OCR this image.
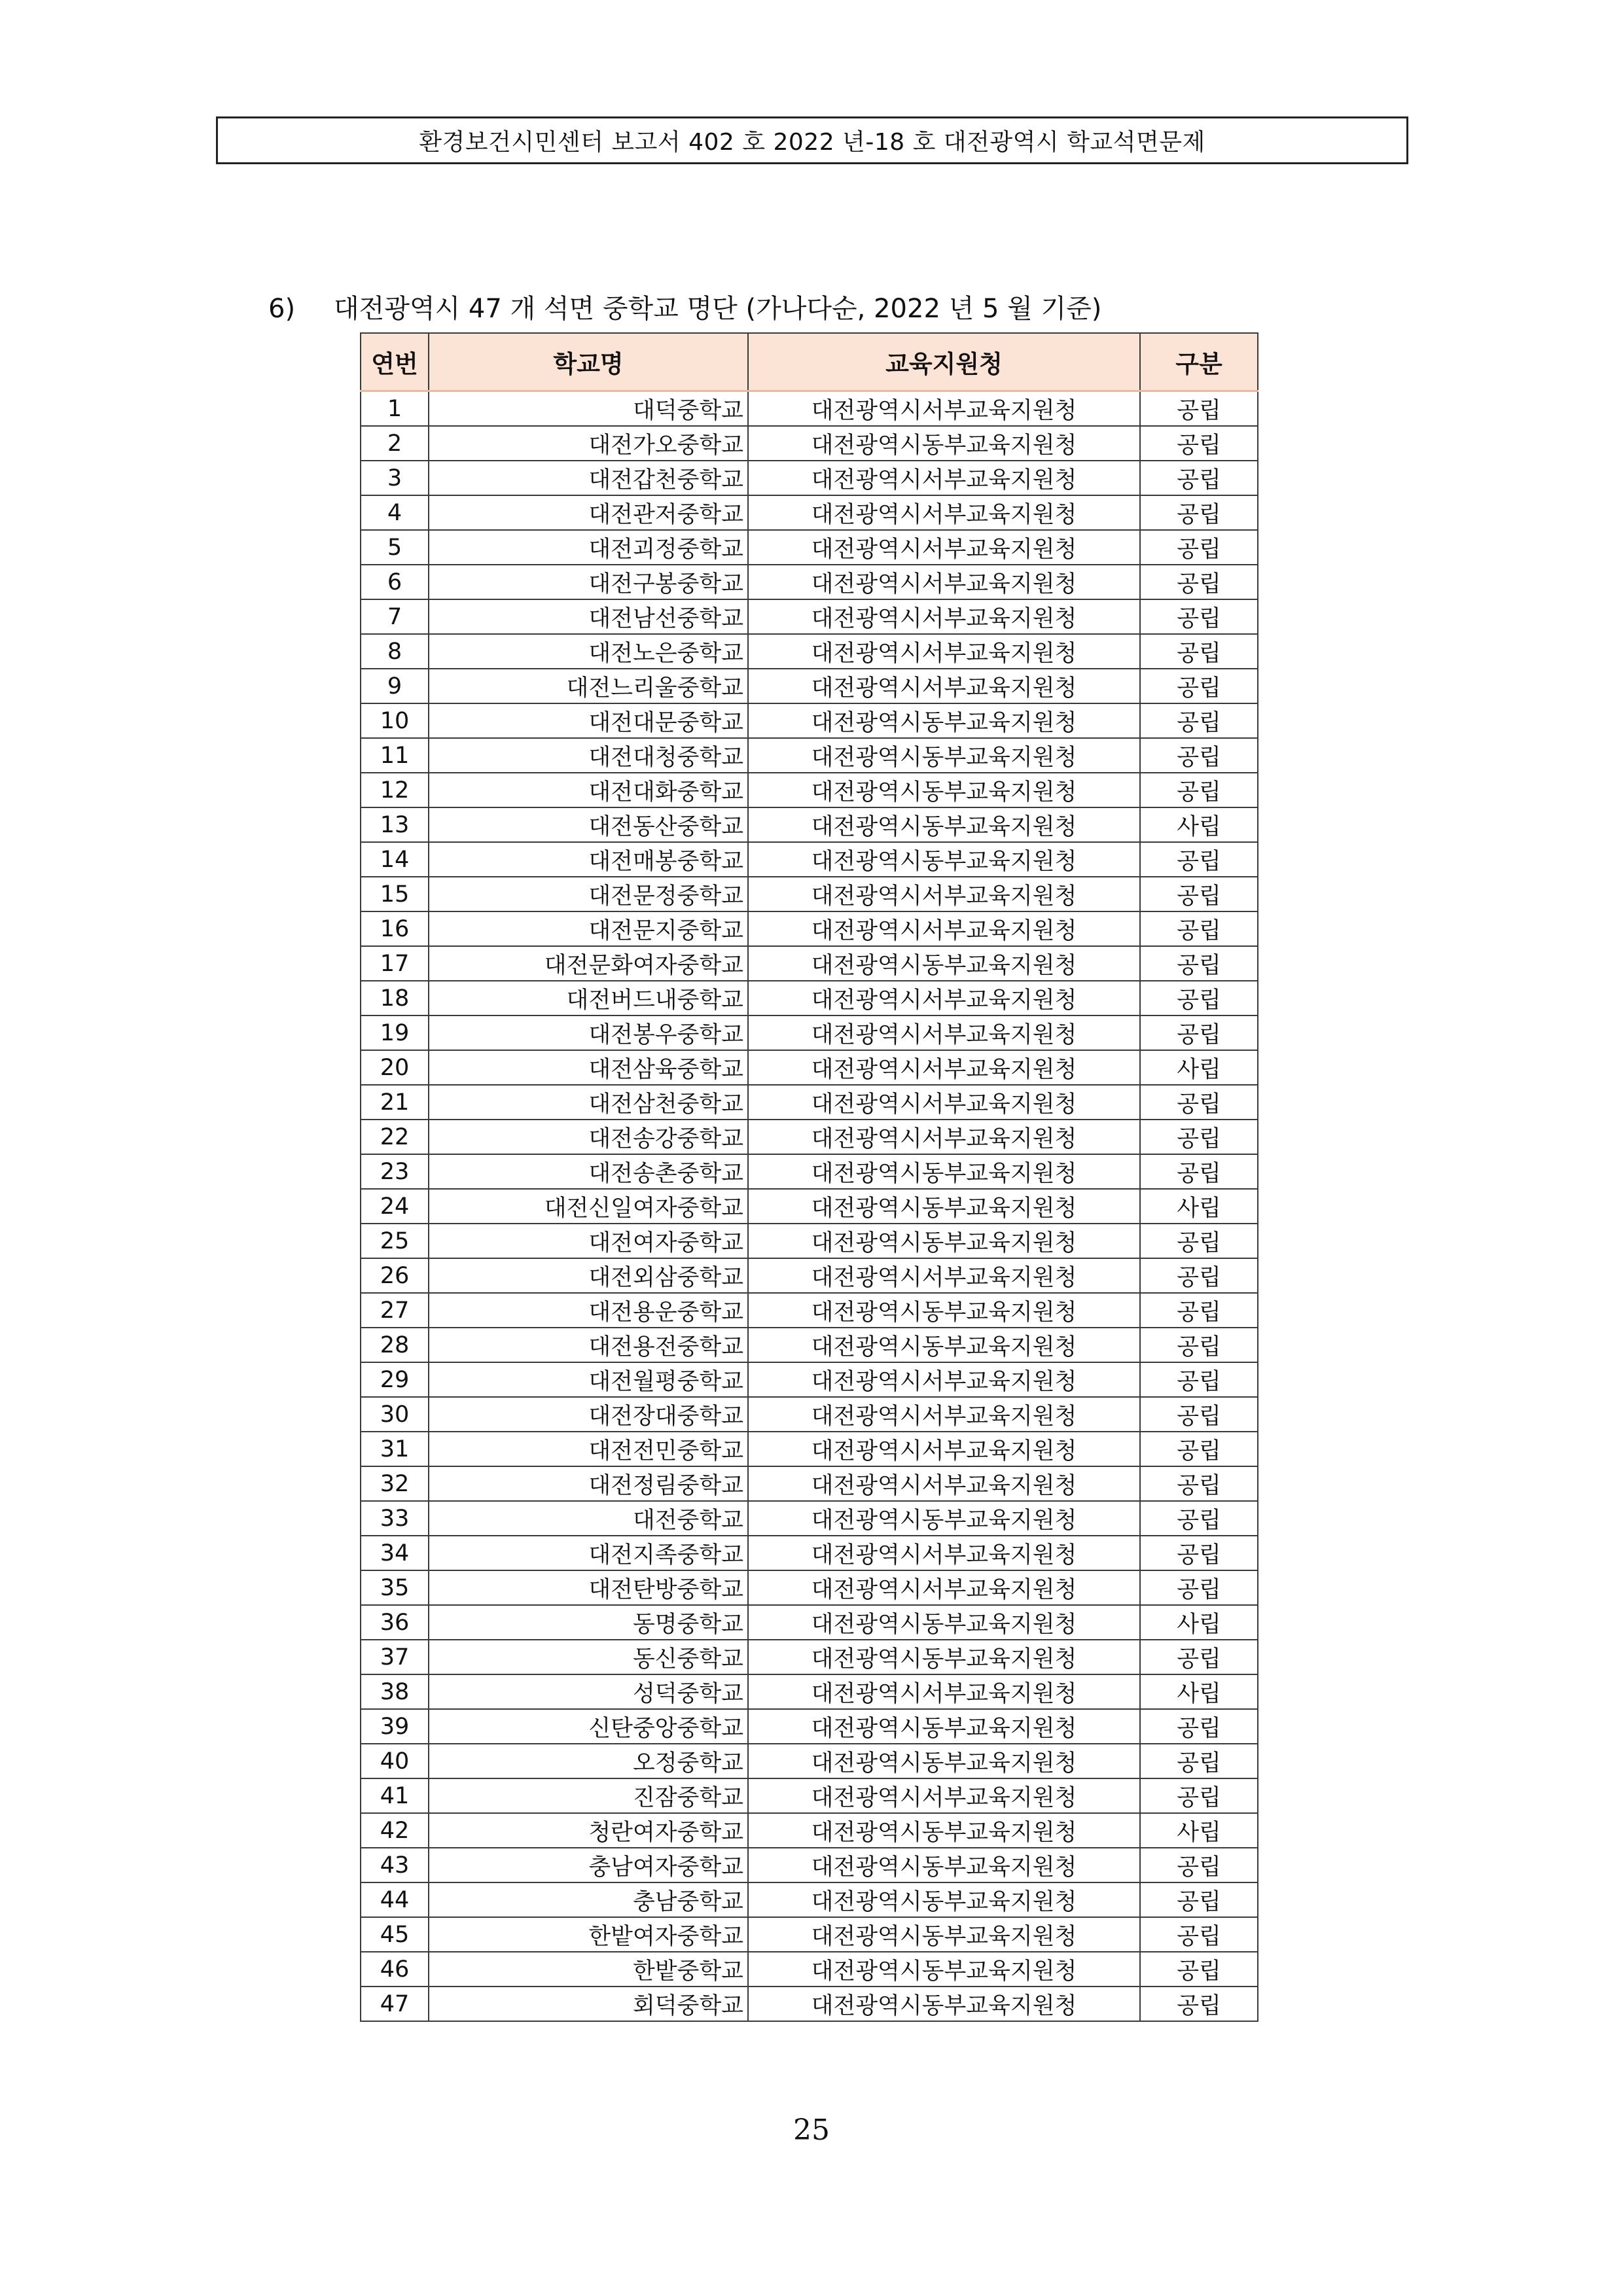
환경보건시민센터 보고서 402 호 2022 년-18 호 대전광역시 학교석면문제
6) 대전광역시 47 개 석면 중학교 명단 (가나다순, 2022 년 5 월 기준)
연번	학교명	교육지원청	구분
1	대덕중학교	대전광역시서부교육지원청	공립
2	대전가오중학교	대전광역시동부교육지원청	공립
3	대전갑천중학교	대전광역시서부교육지원청	공립
4	대전관저중학교	대전광역시서부교육지원청	공립
5	대전괴정중학교	대전광역시서부교육지원청	공립
6	대전구봉중학교	대전광역시서부교육지원청	공립
7	대전남선중학교	대전광역시서부교육지원청	공립
8	대전노은중학교	대전광역시서부교육지원청	공립
9	대전느리울중학교	대전광역시서부교육지원청	공립
10	대전대문중학교	대전광역시동부교육지원청	공립
11	대전대청중학교	대전광역시동부교육지원청	공립
12	대전대화중학교	대전광역시동부교육지원청	공립
13	대전동산중학교	대전광역시동부교육지원청	사립
14	대전매봉중학교	대전광역시동부교육지원청	공립
15	대전문정중학교	대전광역시서부교육지원청	공립
16	대전문지중학교	대전광역시서부교육지원청	공립
17	대전문화여자중학교	대전광역시동부교육지원청	공립
18	대전버드내중학교	대전광역시서부교육지원청	공립
19	대전봉우중학교	대전광역시서부교육지원청	공립
20	대전삼육중학교	대전광역시서부교육지원청	사립
21	대전삼천중학교	대전광역시서부교육지원청	공립
22	대전송강중학교	대전광역시서부교육지원청	공립
23	대전송촌중학교	대전광역시동부교육지원청	공립
24	대전신일여자중학교	대전광역시동부교육지원청	사립
25	대전여자중학교	대전광역시동부교육지원청	공립
26	대전외삼중학교	대전광역시서부교육지원청	공립
27	대전용운중학교	대전광역시동부교육지원청	공립
28	대전용전중학교	대전광역시동부교육지원청	공립
29	대전월평중학교	대전광역시서부교육지원청	공립
30	대전장대중학교	대전광역시서부교육지원청	공립
31	대전전민중학교	대전광역시서부교육지원청	공립
32	대전정림중학교	대전광역시서부교육지원청	공립
33	대전중학교	대전광역시동부교육지원청	공립
34	대전지족중학교	대전광역시서부교육지원청	공립
35	대전탄방중학교	대전광역시서부교육지원청	공립
36	동명중학교	대전광역시동부교육지원청	사립
37	동신중학교	대전광역시동부교육지원청	공립
38	성덕중학교	대전광역시서부교육지원청	사립
39	신탄중앙중학교	대전광역시동부교육지원청	공립
40	오정중학교	대전광역시동부교육지원청	공립
41	진잠중학교	대전광역시서부교육지원청	공립
42	청란여자중학교	대전광역시동부교육지원청	사립
43	충남여자중학교	대전광역시동부교육지원청	공립
44	충남중학교	대전광역시동부교육지원청	공립
45	한밭여자중학교	대전광역시동부교육지원청	공립
46	한밭중학교	대전광역시동부교육지원청	공립
47	회덕중학교	대전광역시동부교육지원청	공립
25
